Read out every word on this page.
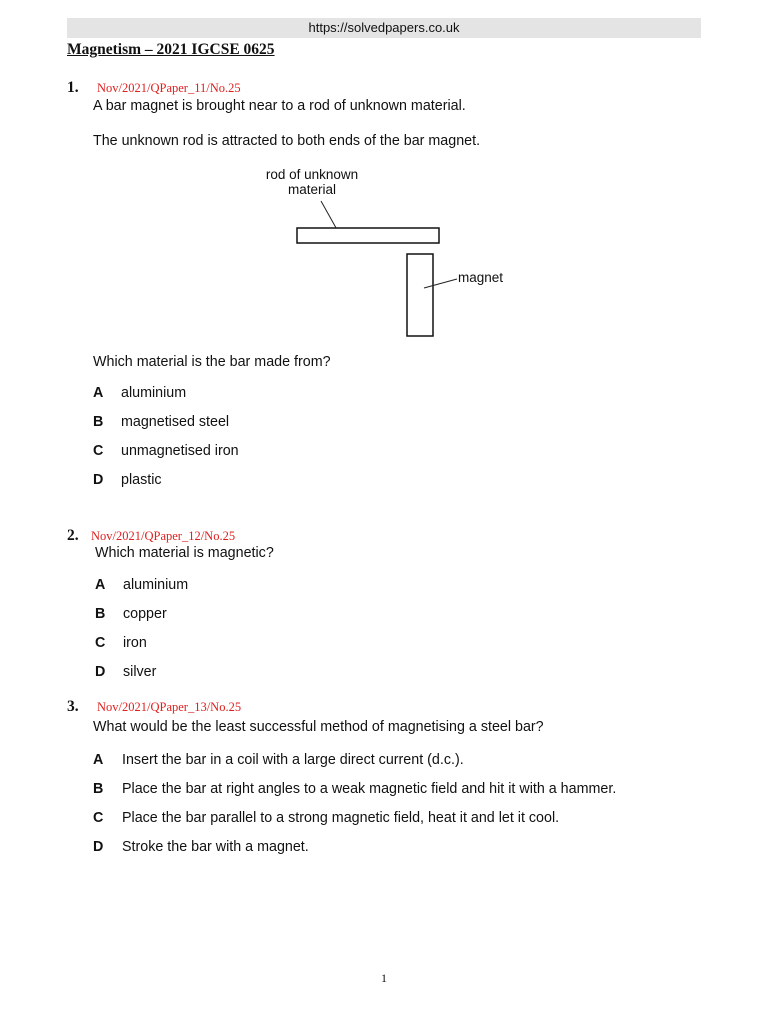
https://solvedpapers.co.uk
Magnetism – 2021 IGCSE 0625
1. Nov/2021/QPaper_11/No.25
A bar magnet is brought near to a rod of unknown material.
The unknown rod is attracted to both ends of the bar magnet.
rod of unknown
material
magnet
Which material is the bar made from?
A aluminium
B magnetised steel
C unmagnetised iron
D plastic
2. Nov/2021/QPaper_12/No.25
Which material is magnetic?
A aluminium
B copper
C iron
D silver
3. Nov/2021/QPaper_13/No.25
What would be the least successful method of magnetising a steel bar?
A Insert the bar in a coil with a large direct current (d.c.).
B Place the bar at right angles to a weak magnetic field and hit it with a hammer.
C Place the bar parallel to a strong magnetic field, heat it and let it cool.
D Stroke the bar with a magnet.
1
